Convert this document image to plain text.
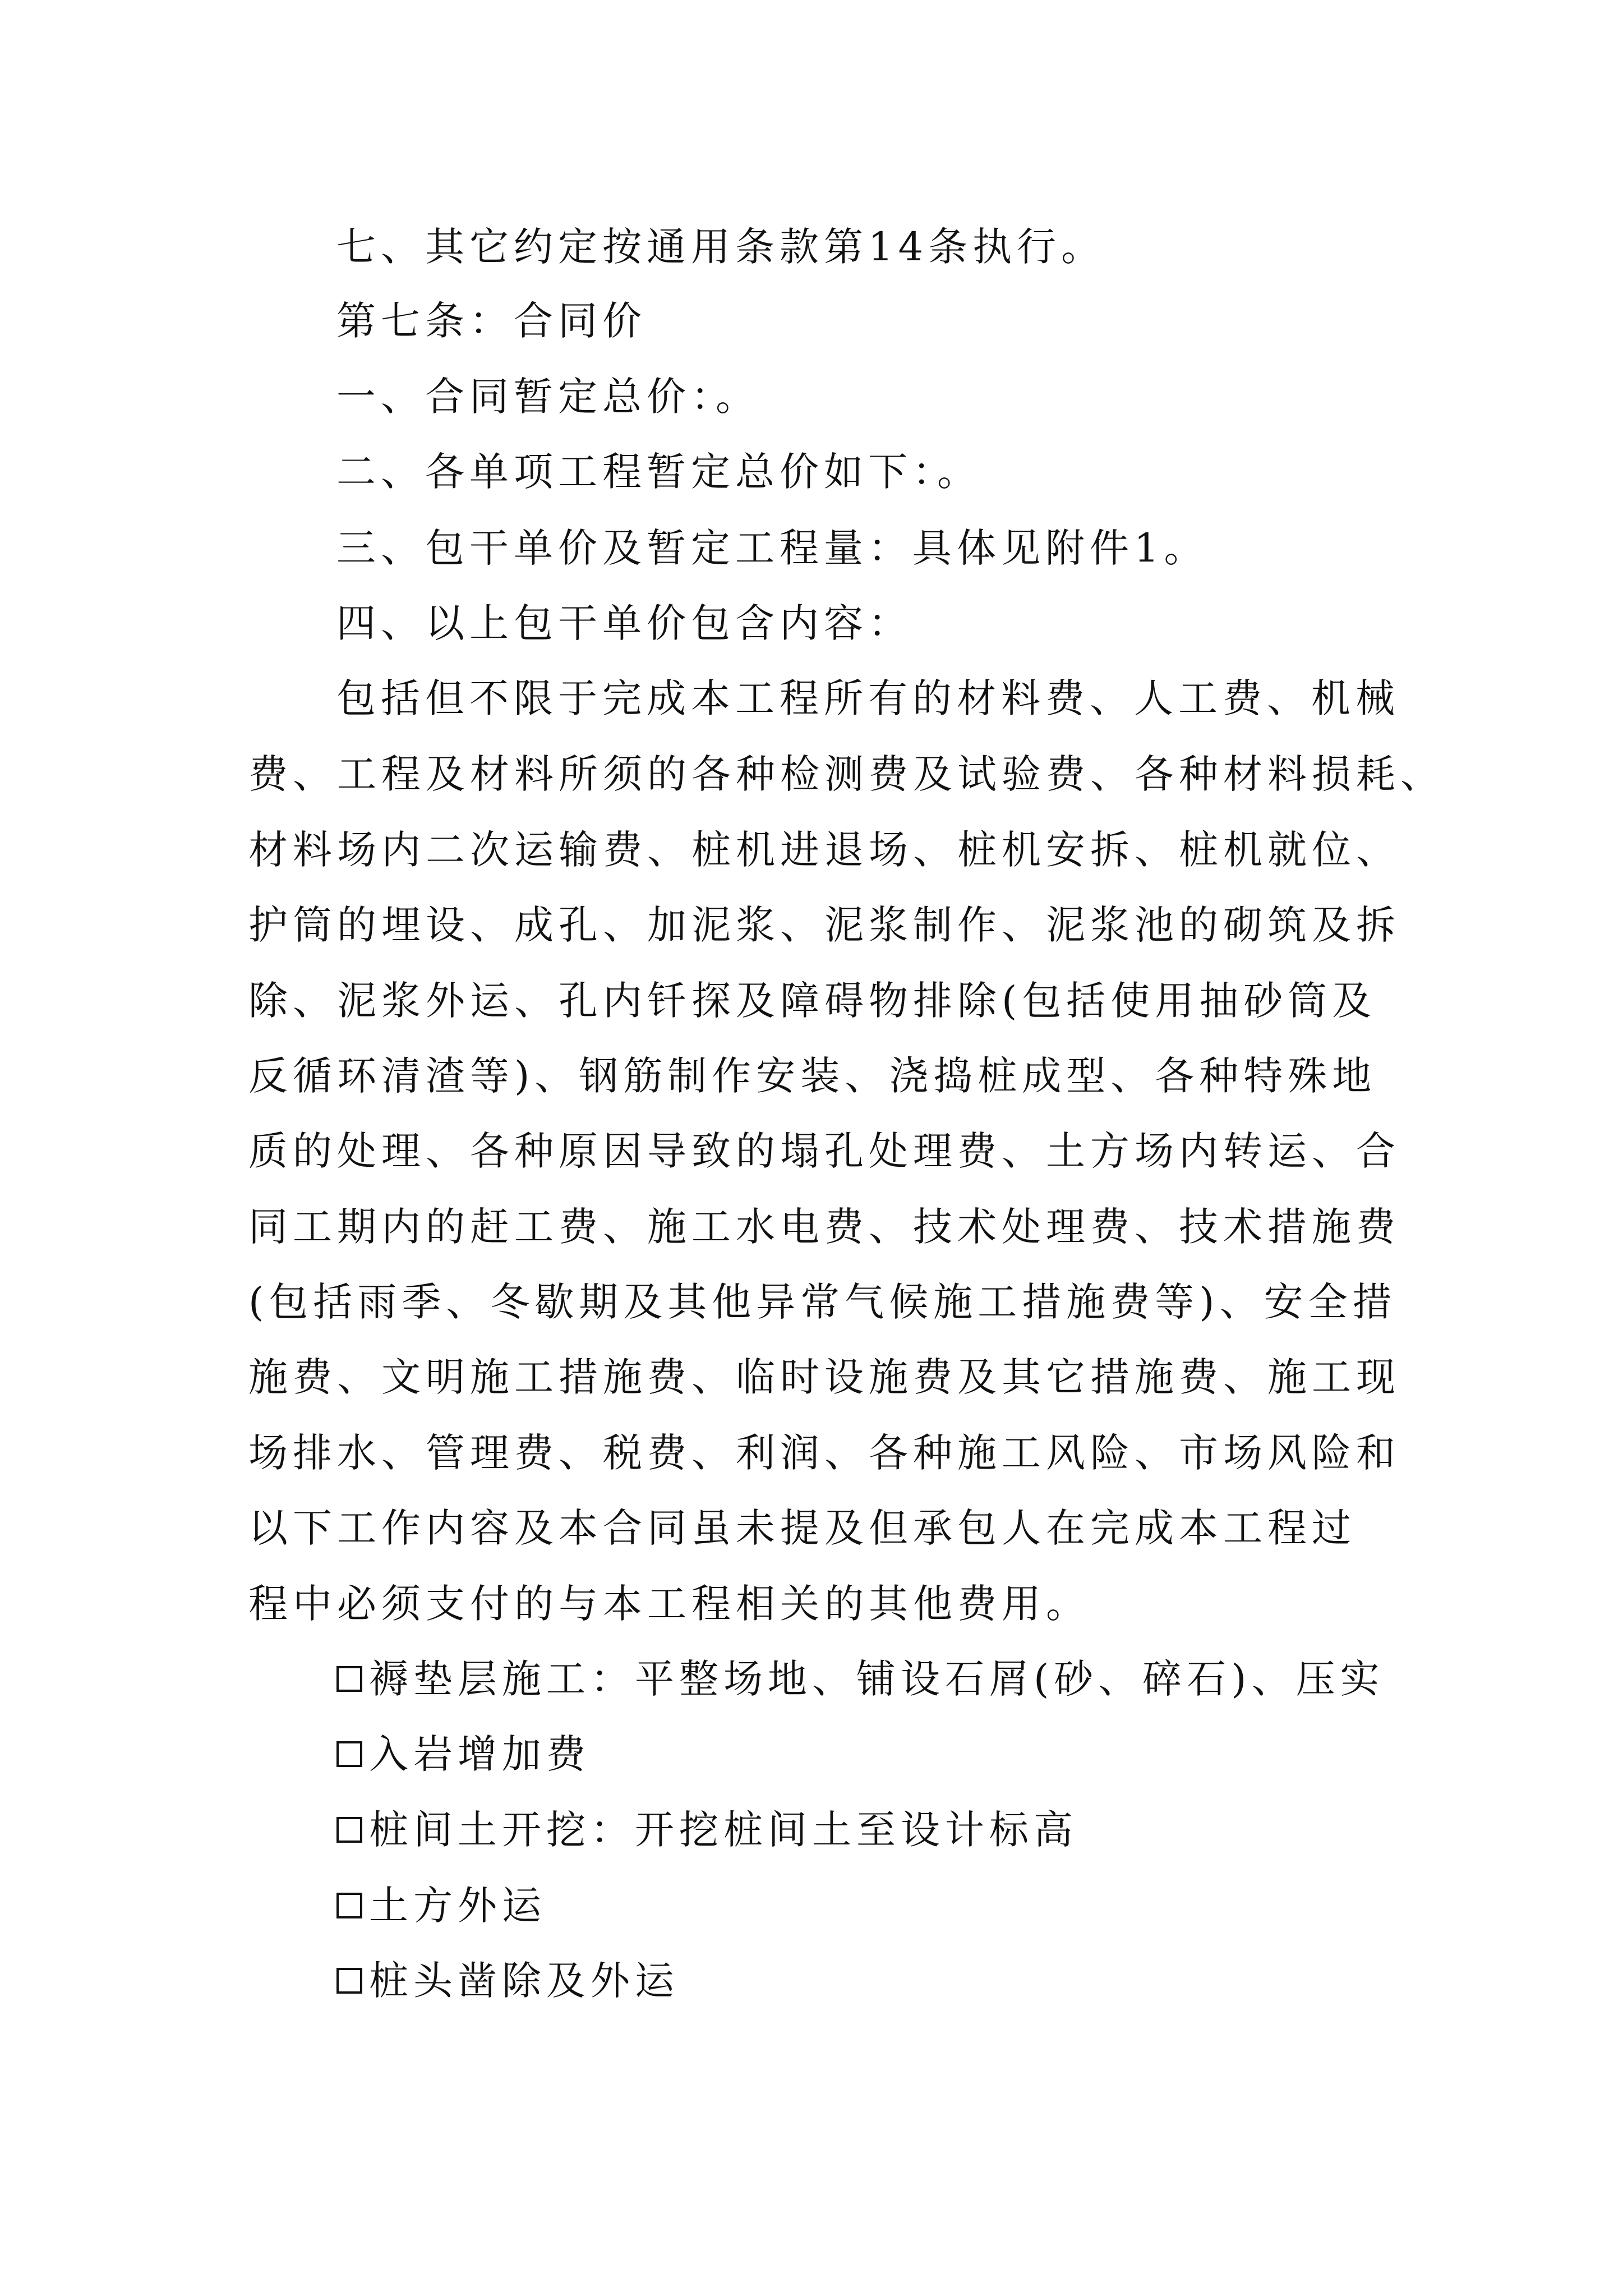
七、其它约定按通用条款第14条执行。

第七条：合同价

一、合同暂定总价：。

二、各单项工程暂定总价如下：。

三、包干单价及暂定工程量：具体见附件1。

四、以上包干单价包含内容：

包括但不限于完成本工程所有的材料费、人工费、机械

费、工程及材料所须的各种检测费及试验费、各种材料损耗、

材料场内二次运输费、桩机进退场、桩机安拆、桩机就位、

护筒的埋设、成孔、加泥浆、泥浆制作、泥浆池的砌筑及拆

除、泥浆外运、孔内钎探及障碍物排除(包括使用抽砂筒及

反循环清渣等)、钢筋制作安装、浇捣桩成型、各种特殊地

质的处理、各种原因导致的塌孔处理费、土方场内转运、合

同工期内的赶工费、施工水电费、技术处理费、技术措施费

(包括雨季、冬歇期及其他异常气候施工措施费等)、安全措

施费、文明施工措施费、临时设施费及其它措施费、施工现

场排水、管理费、税费、利润、各种施工风险、市场风险和

以下工作内容及本合同虽未提及但承包人在完成本工程过

程中必须支付的与本工程相关的其他费用。

褥垫层施工：平整场地、铺设石屑(砂、碎石)、压实
入岩增加费
桩间土开挖：开挖桩间土至设计标高
土方外运
桩头凿除及外运
